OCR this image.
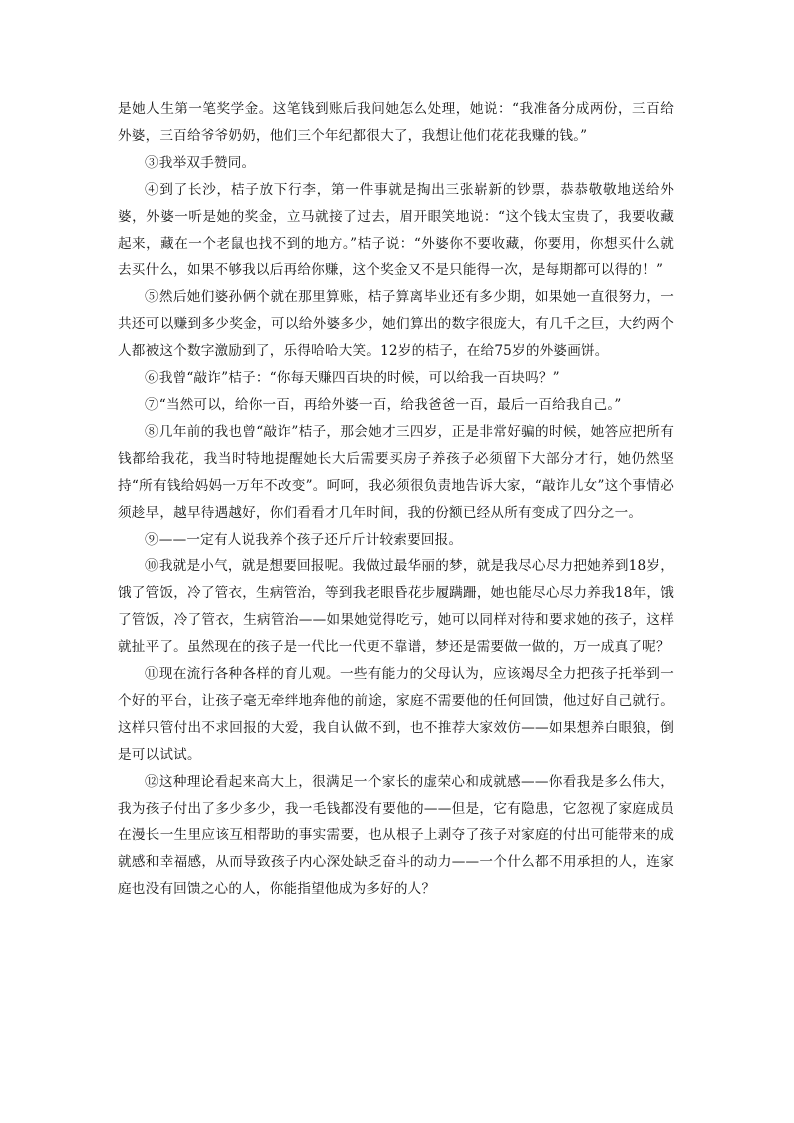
是她人生第一笔奖学金。这笔钱到账后我问她怎么处理，她说：“我准备分成两份，三百给外婆，三百给爷爷奶奶，他们三个年纪都很大了，我想让他们花花我赚的钱。”

③我举双手赞同。

④到了长沙，桔子放下行李，第一件事就是掏出三张崭新的钞票，恭恭敬敬地送给外婆，外婆一听是她的奖金，立马就接了过去，眉开眼笑地说：“这个钱太宝贵了，我要收藏起来，藏在一个老鼠也找不到的地方。”桔子说：“外婆你不要收藏，你要用，你想买什么就去买什么，如果不够我以后再给你赚，这个奖金又不是只能得一次，是每期都可以得的！”

⑤然后她们婆孙俩个就在那里算账，桔子算离毕业还有多少期，如果她一直很努力，一共还可以赚到多少奖金，可以给外婆多少，她们算出的数字很庞大，有几千之巨，大约两个人都被这个数字激励到了，乐得哈哈大笑。12岁的桔子，在给75岁的外婆画饼。

⑥我曾“敲诈”桔子：“你每天赚四百块的时候，可以给我一百块吗？”

⑦“当然可以，给你一百，再给外婆一百，给我爸爸一百，最后一百给我自己。”

⑧几年前的我也曾“敲诈”桔子，那会她才三四岁，正是非常好骗的时候，她答应把所有钱都给我花，我当时特地提醒她长大后需要买房子养孩子必须留下大部分才行，她仍然坚持“所有钱给妈妈一万年不改变”。呵呵，我必须很负责地告诉大家，“敲诈儿女”这个事情必须趁早，越早待遇越好，你们看看才几年时间，我的份额已经从所有变成了四分之一。

⑨——一定有人说我养个孩子还斤斤计较索要回报。

⑩我就是小气，就是想要回报呢。我做过最华丽的梦，就是我尽心尽力把她养到18岁，饿了管饭，冷了管衣，生病管治，等到我老眼昏花步履蹒跚，她也能尽心尽力养我18年，饿了管饭，冷了管衣，生病管治——如果她觉得吃亏，她可以同样对待和要求她的孩子，这样就扯平了。虽然现在的孩子是一代比一代更不靠谱，梦还是需要做一做的，万一成真了呢？

⑪现在流行各种各样的育儿观。一些有能力的父母认为，应该竭尽全力把孩子托举到一个好的平台，让孩子毫无牵绊地奔他的前途，家庭不需要他的任何回馈，他过好自己就行。这样只管付出不求回报的大爱，我自认做不到，也不推荐大家效仿——如果想养白眼狼，倒是可以试试。

⑫这种理论看起来高大上，很满足一个家长的虚荣心和成就感——你看我是多么伟大，我为孩子付出了多少多少，我一毛钱都没有要他的——但是，它有隐患，它忽视了家庭成员在漫长一生里应该互相帮助的事实需要，也从根子上剥夺了孩子对家庭的付出可能带来的成就感和幸福感，从而导致孩子内心深处缺乏奋斗的动力——一个什么都不用承担的人，连家庭也没有回馈之心的人，你能指望他成为多好的人？
